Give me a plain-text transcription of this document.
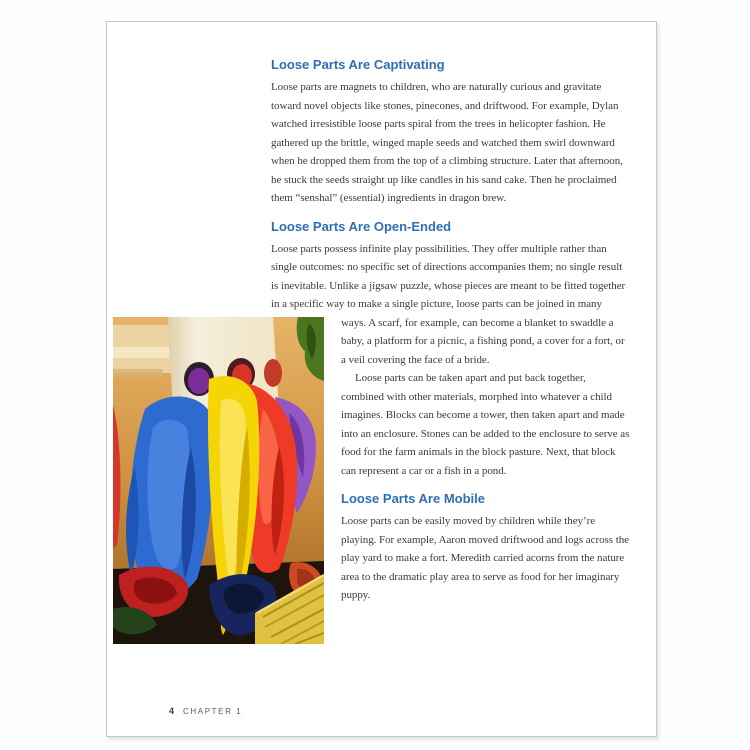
Loose Parts Are Captivating

Loose parts are magnets to children, who are naturally curious and gravitate toward novel objects like stones, pinecones, and driftwood. For example, Dylan watched irresistible loose parts spiral from the trees in helicopter fashion. He gathered up the brittle, winged maple seeds and watched them swirl downward when he dropped them from the top of a climbing structure. Later that afternoon, he stuck the seeds straight up like candles in his sand cake. Then he proclaimed them “senshal” (essential) ingredients in dragon brew.

Loose Parts Are Open-Ended

Loose parts possess infinite play possibilities. They offer multiple rather than single outcomes: no specific set of directions accompanies them; no single result is inevitable. Unlike a jigsaw puzzle, whose pieces are meant to be fitted together in a specific way to make a single picture, loose parts can be joined in many

ways. A scarf, for example, can become a blanket to swaddle a baby, a platform for a picnic, a fishing pond, a cover for a fort, or a veil covering the face of a bride.

Loose parts can be taken apart and put back together, combined with other materials, morphed into whatever a child imagines. Blocks can become a tower, then taken apart and made into an enclosure. Stones can be added to the enclosure to serve as food for the farm animals in the block pasture. Next, that block can represent a car or a fish in a pond.

Loose Parts Are Mobile

Loose parts can be easily moved by children while they’re playing. For example, Aaron moved driftwood and logs across the play yard to make a fort. Meredith carried acorns from the nature area to the dramatic play area to serve as food for her imaginary puppy.

4 CHAPTER 1
